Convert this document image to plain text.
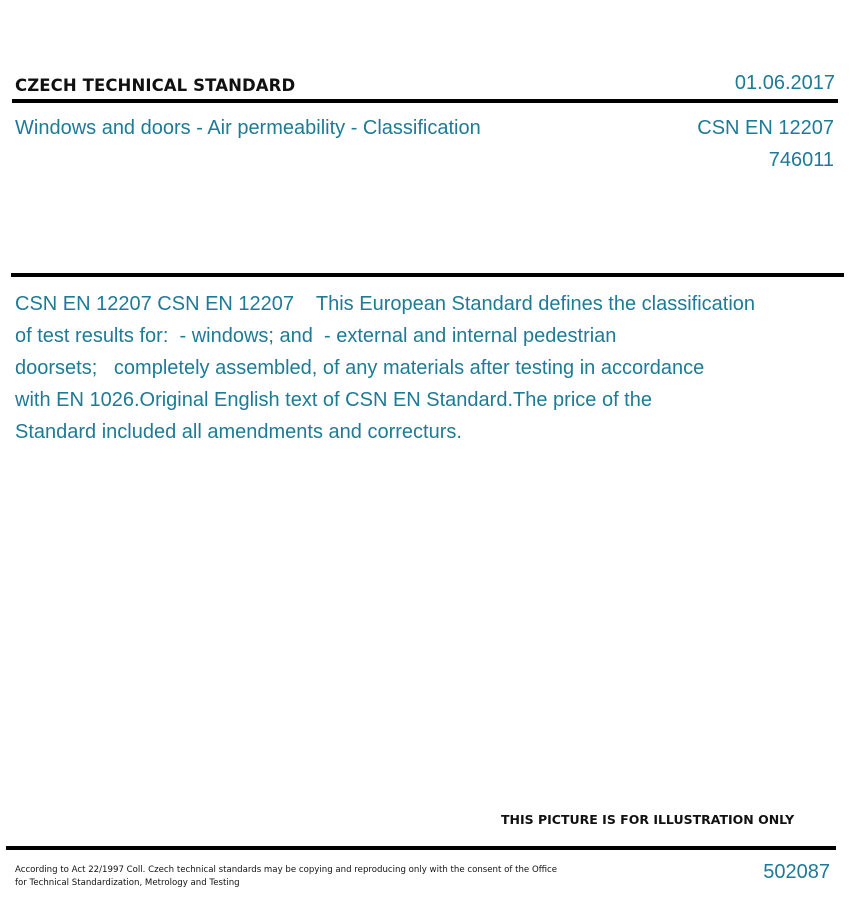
CZECH TECHNICAL STANDARD	01.06.2017
Windows and doors - Air permeability - Classification	CSN EN 12207
746011
CSN EN 12207 CSN EN 12207    This European Standard defines the classification
of test results for:  - windows; and  - external and internal pedestrian
doorsets;   completely assembled, of any materials after testing in accordance
with EN 1026.Original English text of CSN EN Standard.The price of the
Standard included all amendments and correcturs.
THIS PICTURE IS FOR ILLUSTRATION ONLY
According to Act 22/1997 Coll. Czech technical standards may be copying and reproducing only with the consent of the Office
for Technical Standardization, Metrology and Testing	502087
